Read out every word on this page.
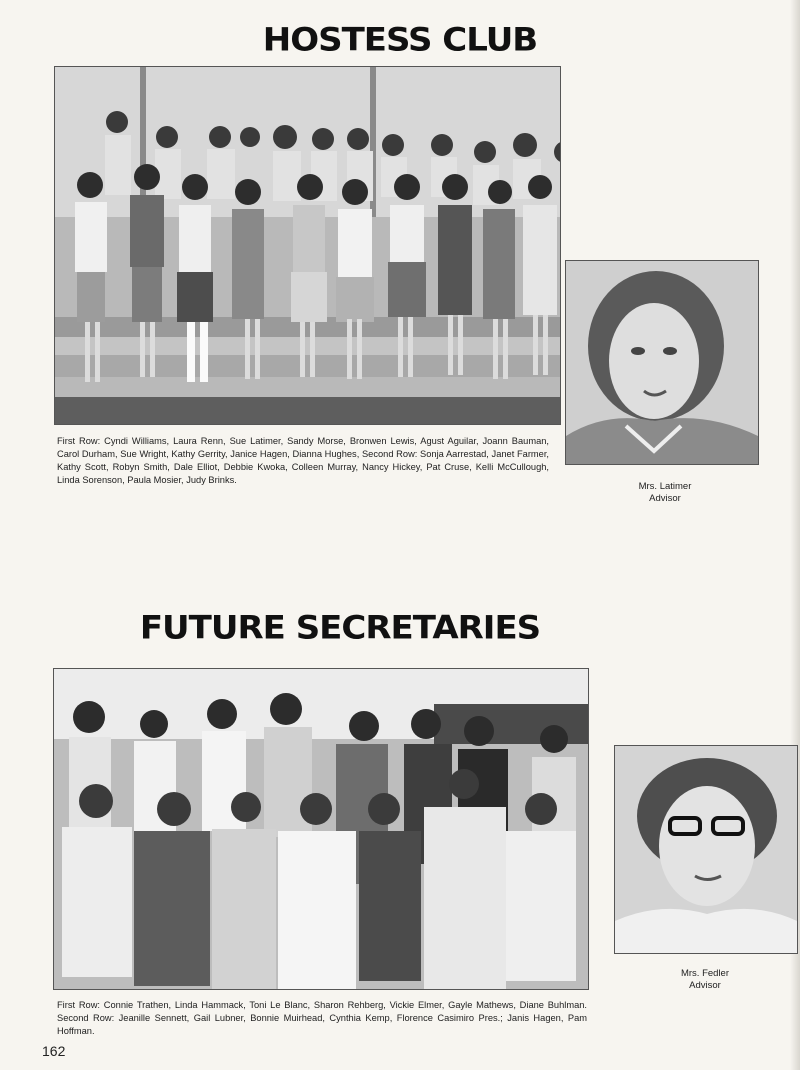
HOSTESS CLUB
First Row: Cyndi Williams, Laura Renn, Sue Latimer, Sandy Morse, Bronwen Lewis, Agust Aguilar, Joann Bauman, Carol Durham, Sue Wright, Kathy Gerrity, Janice Hagen, Dianna Hughes, Second Row: Sonja Aarrestad, Janet Farmer, Kathy Scott, Robyn Smith, Dale Elliot, Debbie Kwoka, Colleen Murray, Nancy Hickey, Pat Cruse, Kelli McCullough, Linda Sorenson, Paula Mosier, Judy Brinks.
Mrs. Latimer
Advisor
FUTURE SECRETARIES
Mrs. Fedler
Advisor
First Row: Connie Trathen, Linda Hammack, Toni Le Blanc, Sharon Rehberg, Vickie Elmer, Gayle Mathews, Diane Buhlman. Second Row: Jeanille Sennett, Gail Lubner, Bonnie Muirhead, Cynthia Kemp, Florence Casimiro Pres.; Janis Hagen, Pam Hoffman.
162
